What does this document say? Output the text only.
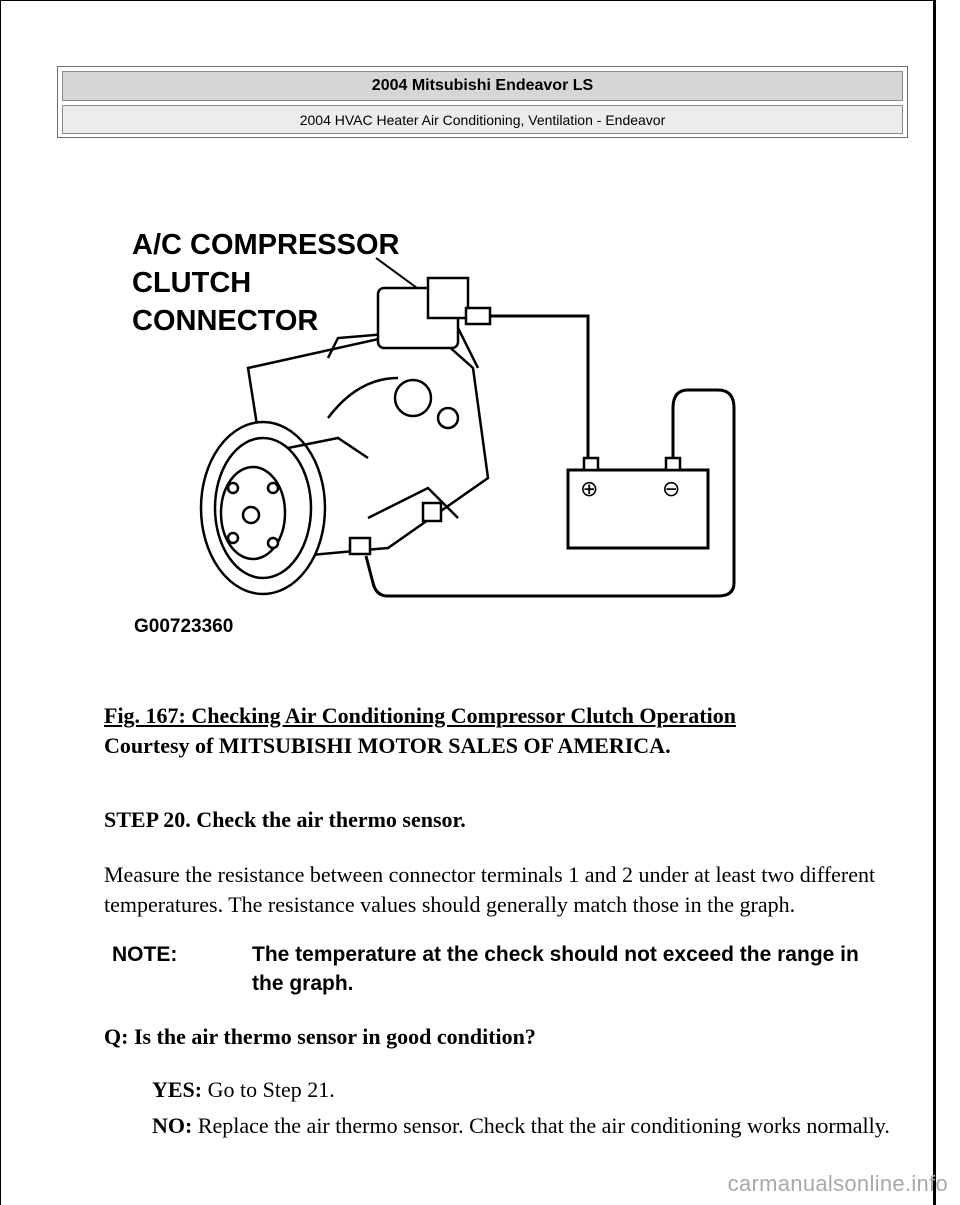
2004 Mitsubishi Endeavor LS
2004 HVAC Heater Air Conditioning, Ventilation - Endeavor
A/C COMPRESSOR
CLUTCH
CONNECTOR
⊕	⊖
G00723360
Fig. 167: Checking Air Conditioning Compressor Clutch Operation
Courtesy of MITSUBISHI MOTOR SALES OF AMERICA.
STEP 20. Check the air thermo sensor.
Measure the resistance between connector terminals 1 and 2 under at least two different temperatures. The resistance values should generally match those in the graph.
NOTE:	The temperature at the check should not exceed the range in the graph.
Q: Is the air thermo sensor in good condition?
YES: Go to Step 21.
NO: Replace the air thermo sensor. Check that the air conditioning works normally.
carmanualsonline.info
